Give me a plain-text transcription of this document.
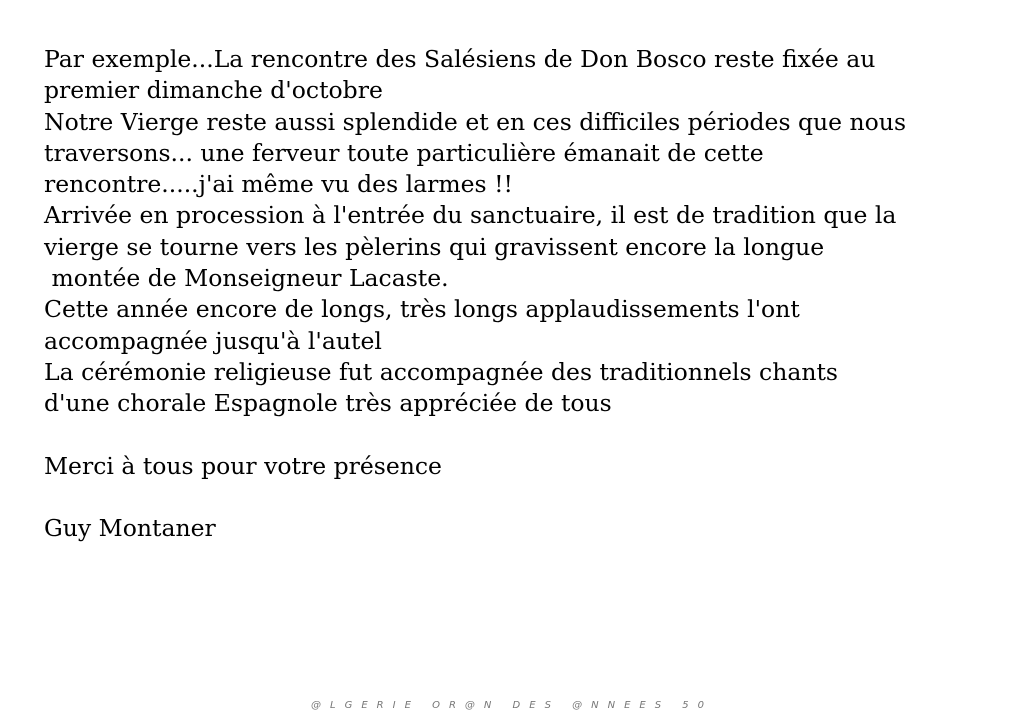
Par exemple...La rencontre des Salésiens de Don Bosco reste fixée au
premier dimanche d'octobre
Notre Vierge reste aussi splendide et en ces difficiles périodes que nous
traversons... une ferveur toute particulière émanait de cette
rencontre.....j'ai même vu des larmes !!
Arrivée en procession à l'entrée du sanctuaire, il est de tradition que la
vierge se tourne vers les pèlerins qui gravissent encore la longue
montée de Monseigneur Lacaste.
Cette année encore de longs, très longs applaudissements l'ont
accompagnée jusqu'à l'autel
La cérémonie religieuse fut accompagnée des traditionnels chants
d'une chorale Espagnole très appréciée de tous
Merci à tous pour votre présence
Guy Montaner
@LGERIE OR@N DES @NNEES 50
